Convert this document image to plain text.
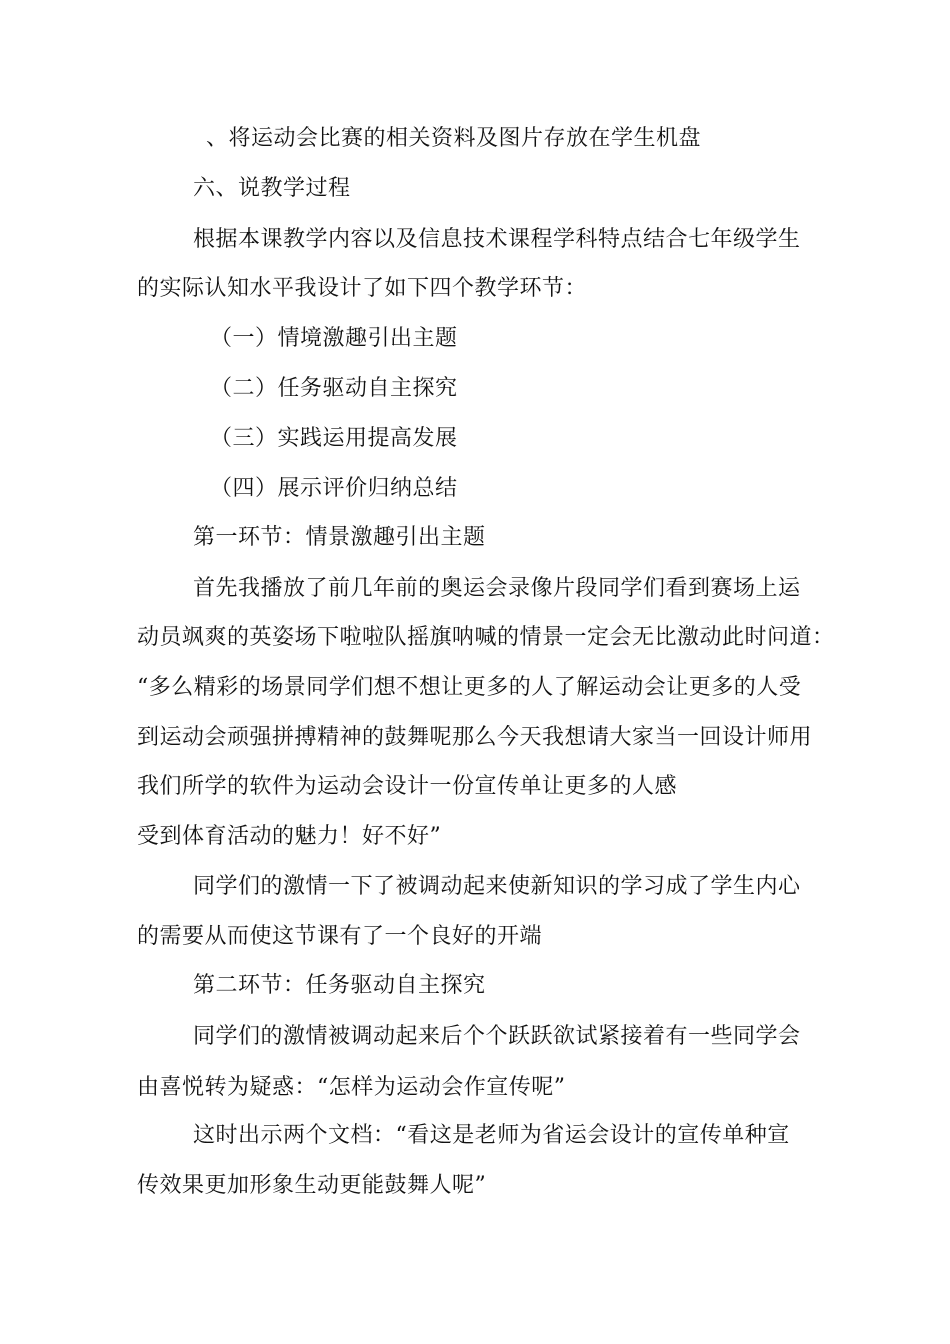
、将运动会比赛的相关资料及图片存放在学生机盘
六、说教学过程
根据本课教学内容以及信息技术课程学科特点结合七年级学生
的实际认知水平我设计了如下四个教学环节：
（一）情境激趣引出主题
（二）任务驱动自主探究
（三）实践运用提高发展
（四）展示评价归纳总结
第一环节：情景激趣引出主题
首先我播放了前几年前的奥运会录像片段同学们看到赛场上运
动员飒爽的英姿场下啦啦队摇旗呐喊的情景一定会无比激动此时问道：
“多么精彩的场景同学们想不想让更多的人了解运动会让更多的人受
到运动会顽强拼搏精神的鼓舞呢那么今天我想请大家当一回设计师用
我们所学的软件为运动会设计一份宣传单让更多的人感
受到体育活动的魅力！好不好”
同学们的激情一下了被调动起来使新知识的学习成了学生内心
的需要从而使这节课有了一个良好的开端
第二环节：任务驱动自主探究
同学们的激情被调动起来后个个跃跃欲试紧接着有一些同学会
由喜悦转为疑惑：“怎样为运动会作宣传呢”
这时出示两个文档：“看这是老师为省运会设计的宣传单种宣
传效果更加形象生动更能鼓舞人呢”
